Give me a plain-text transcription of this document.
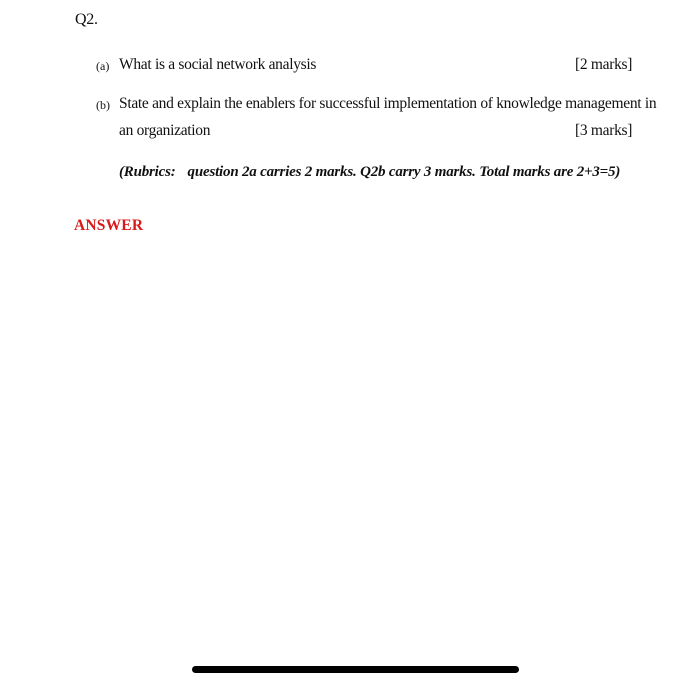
Q2.
(a) What is a social network analysis	[2 marks]
(b) State and explain the enablers for successful implementation of knowledge management in
an organization	[3 marks]
(Rubrics: question 2a carries 2 marks. Q2b carry 3 marks. Total marks are 2+3=5)
ANSWER
